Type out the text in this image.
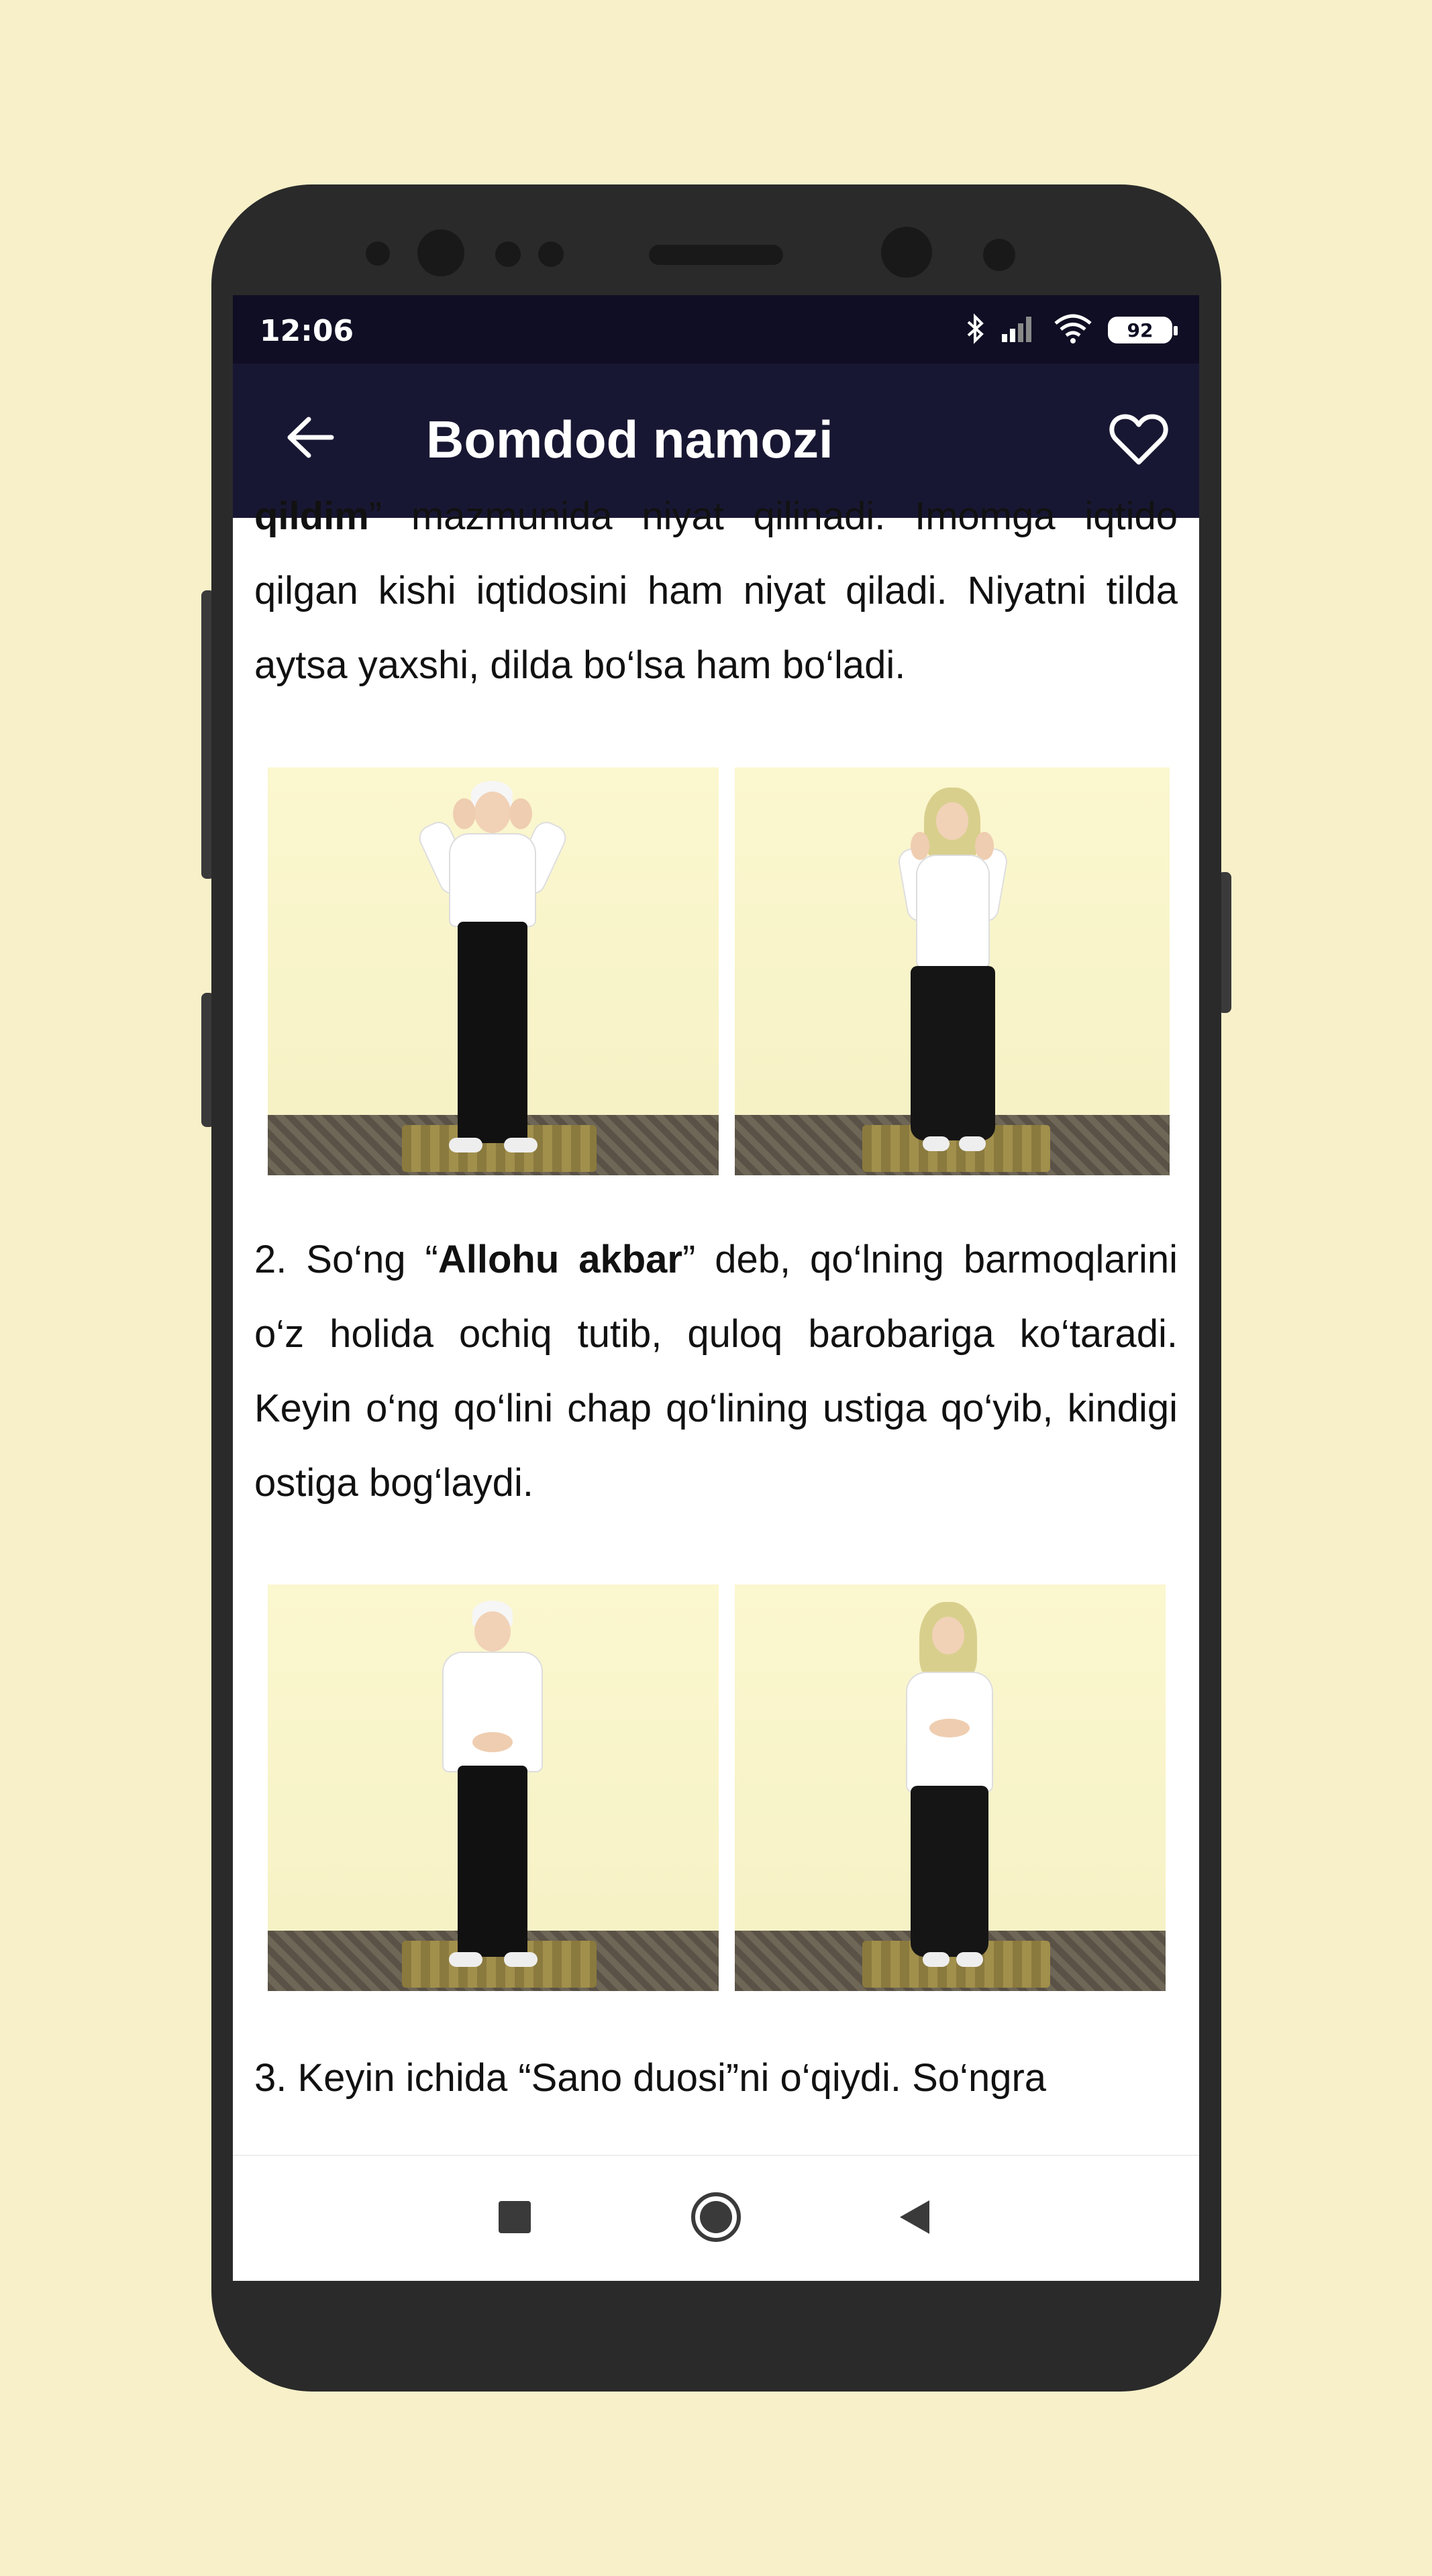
12:06	92
Bomdod namozi

qildim” mazmunida niyat qilinadi. Imomga iqtido qilgan kishi iqtidosini ham niyat qiladi. Niyatni tilda aytsa yaxshi, dilda bo‘lsa ham bo‘ladi.

2. So‘ng “Allohu akbar” deb, qo‘lning barmoqlarini o‘z holida ochiq tutib, quloq barobariga ko‘taradi. Keyin o‘ng qo‘lini chap qo‘lining ustiga qo‘yib, kindigi ostiga bog‘laydi.

3. Keyin ichida “Sano duosi”ni o‘qiydi. So‘ngra
